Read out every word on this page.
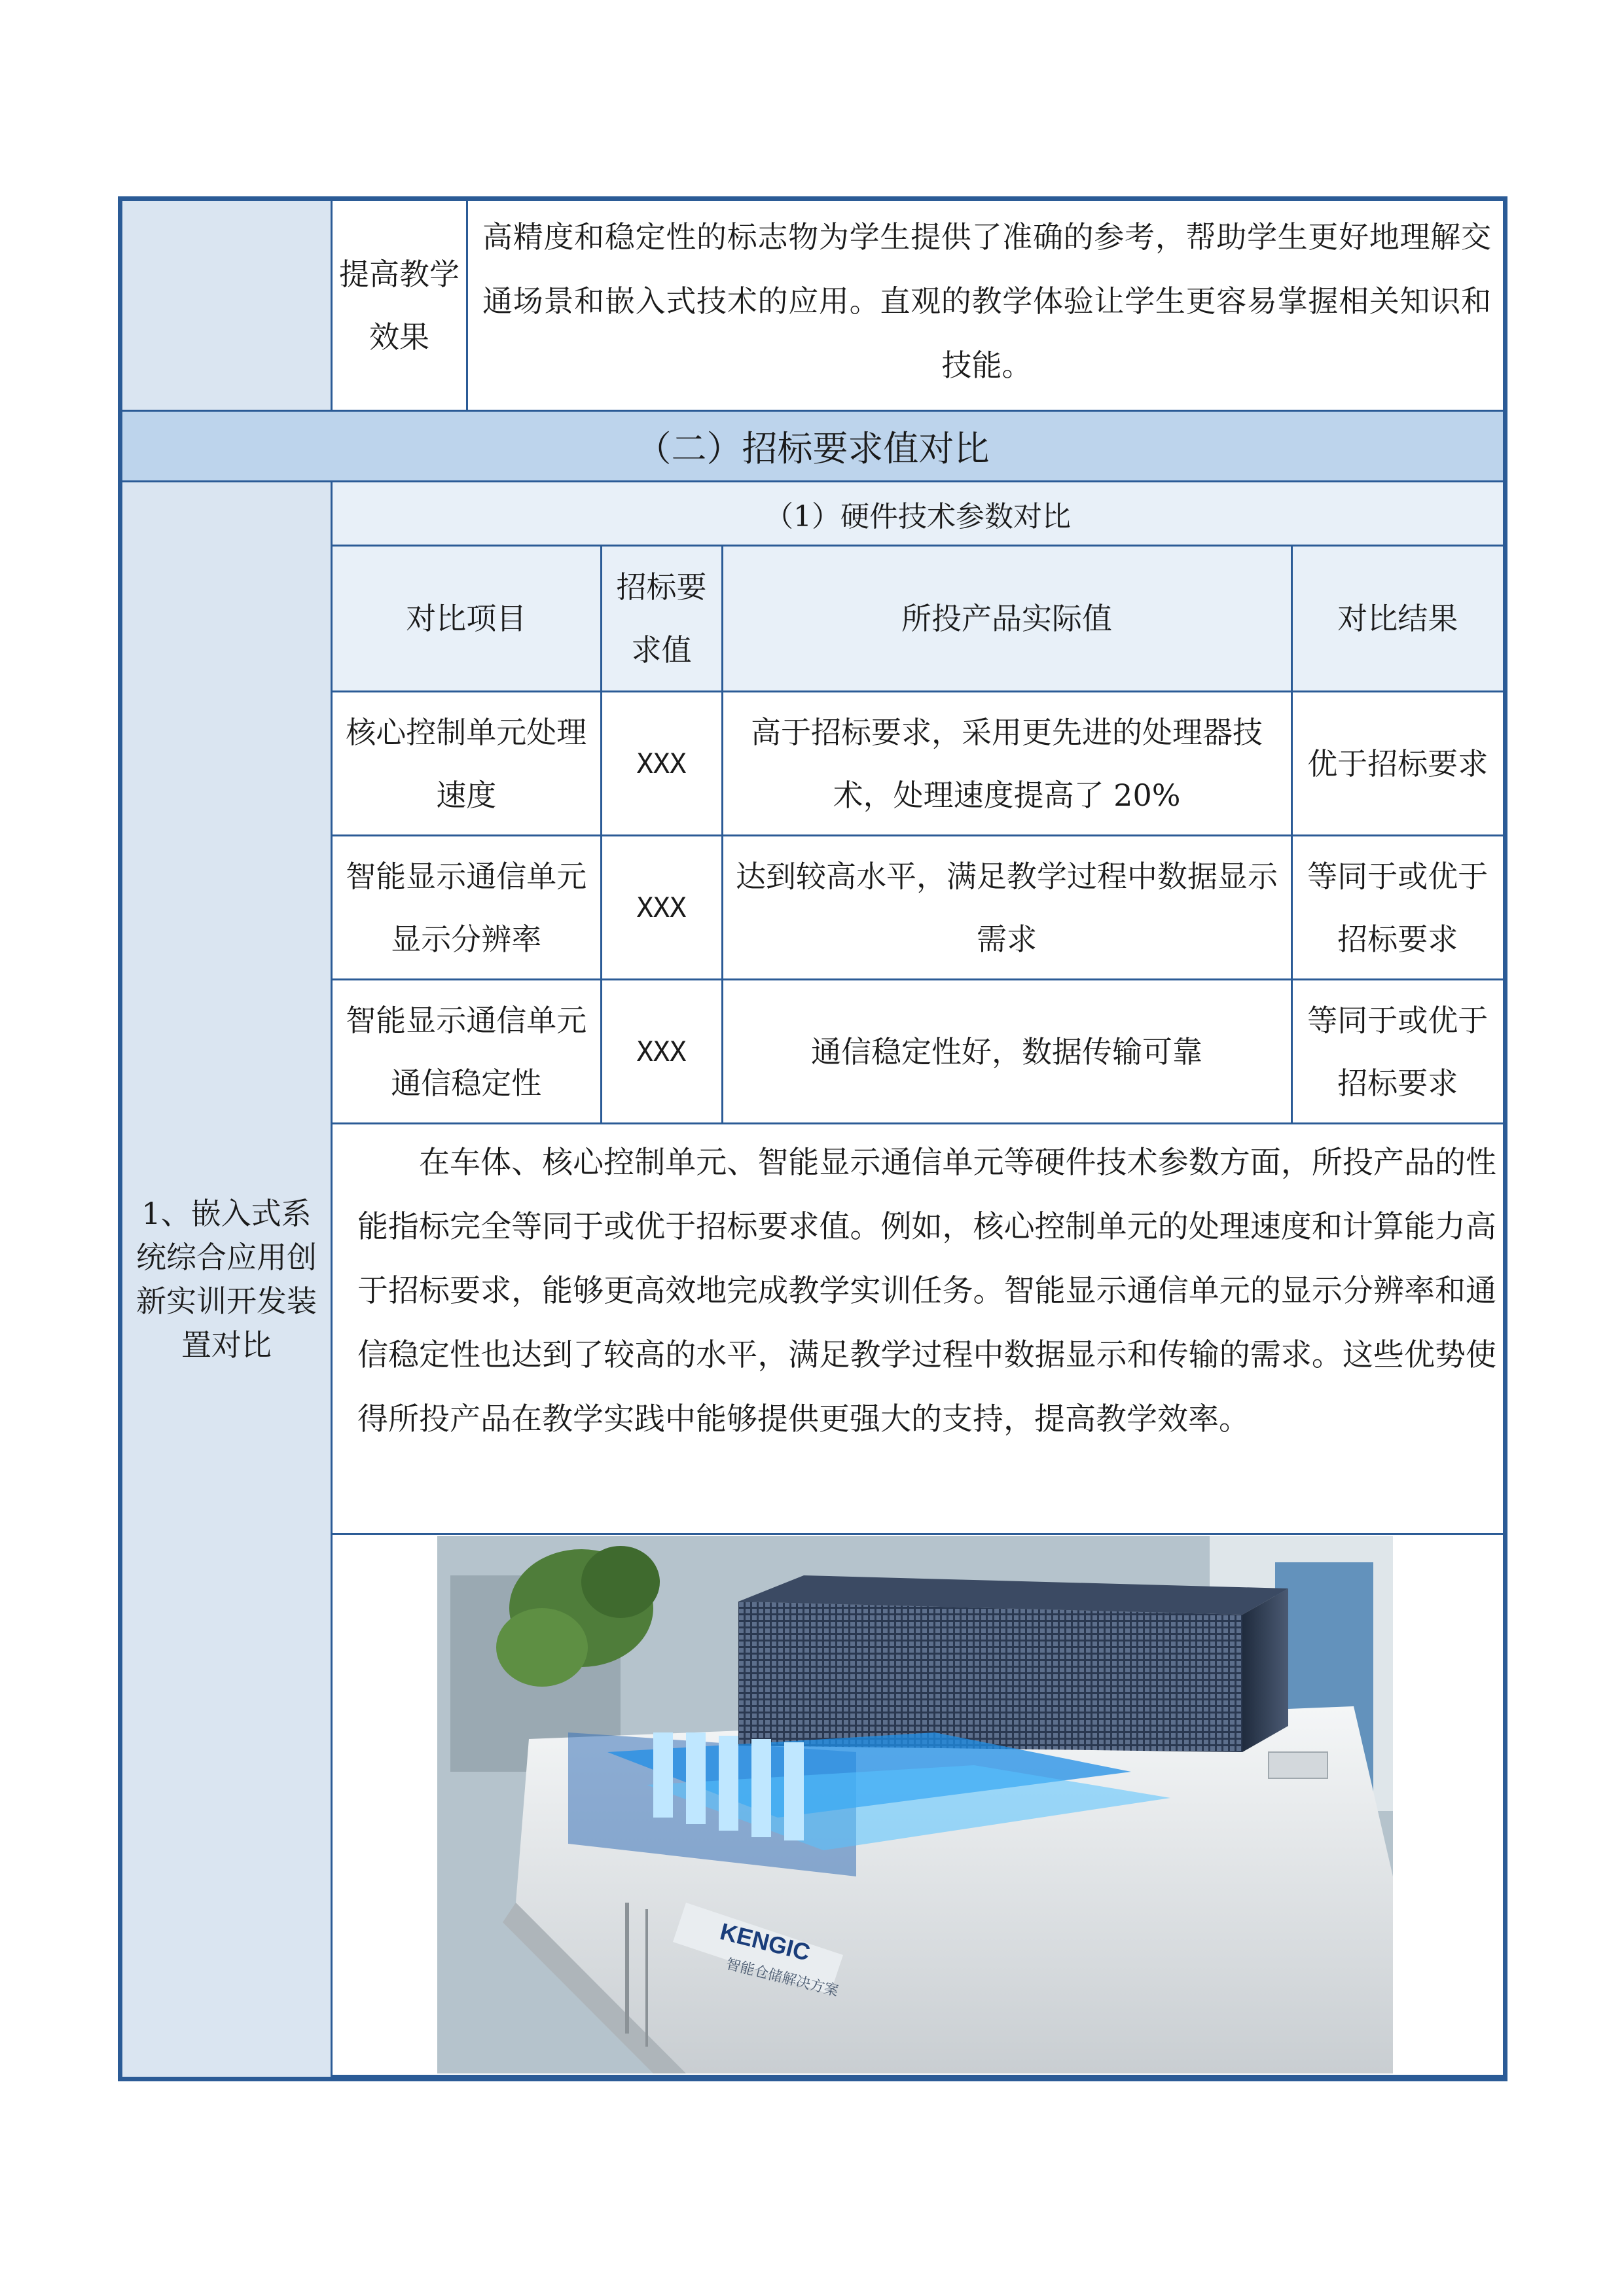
	提高教学效果	
高精度和稳定性的标志物为学生提供了准确的参考，帮助学生更好地理解交通场景和嵌入式技术的应用。直观的教学体验让学生更容易掌握相关知识和技能。

（二）招标要求值对比
1、嵌入式系统综合应用创新实训开发装置对比	
（1）硬件技术参数对比
对比项目	招标要求值	所投产品实际值	对比结果
核心控制单元处理速度	XXX	高于招标要求，采用更先进的处理器技术，处理速度提高了 20%	优于招标要求
智能显示通信单元显示分辨率	XXX	达到较高水平，满足教学过程中数据显示需求	等同于或优于招标要求
智能显示通信单元通信稳定性	XXX	通信稳定性好，数据传输可靠	等同于或优于招标要求

在车体、核心控制单元、智能显示通信单元等硬件技术参数方面，所投产品的性能指标完全等同于或优于招标要求值。例如，核心控制单元的处理速度和计算能力高于招标要求，能够更高效地完成教学实训任务。智能显示通信单元的显示分辨率和通信稳定性也达到了较高的水平，满足教学过程中数据显示和传输的需求。这些优势使得所投产品在教学实践中能够提供更强大的支持，提高教学效率。

KENGIC
智能仓储解决方案
